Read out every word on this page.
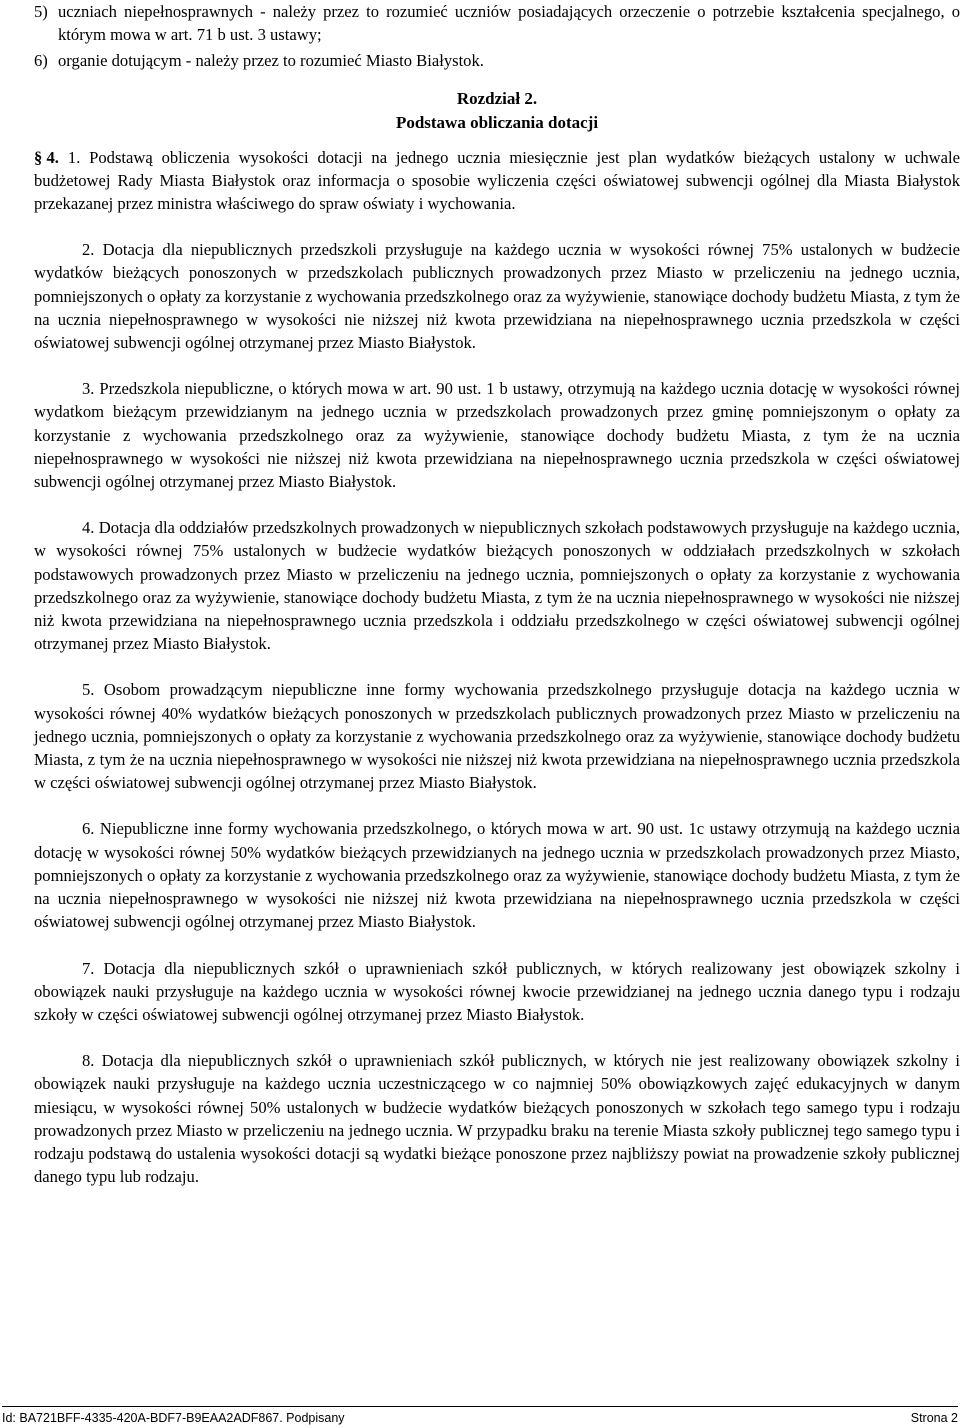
5) uczniach niepełnosprawnych - należy przez to rozumieć uczniów posiadających orzeczenie o potrzebie kształcenia specjalnego, o którym mowa w art. 71 b ust. 3 ustawy;

6) organie dotującym - należy przez to rozumieć Miasto Białystok.

Rozdział 2.

Podstawa obliczania dotacji

§ 4. 1. Podstawą obliczenia wysokości dotacji na jednego ucznia miesięcznie jest plan wydatków bieżących ustalony w uchwale budżetowej Rady Miasta Białystok oraz informacja o sposobie wyliczenia części oświatowej subwencji ogólnej dla Miasta Białystok przekazanej przez ministra właściwego do spraw oświaty i wychowania.

2. Dotacja dla niepublicznych przedszkoli przysługuje na każdego ucznia w wysokości równej 75% ustalonych w budżecie wydatków bieżących ponoszonych w przedszkolach publicznych prowadzonych przez Miasto w przeliczeniu na jednego ucznia, pomniejszonych o opłaty za korzystanie z wychowania przedszkolnego oraz za wyżywienie, stanowiące dochody budżetu Miasta, z tym że na ucznia niepełnosprawnego w wysokości nie niższej niż kwota przewidziana na niepełnosprawnego ucznia przedszkola w części oświatowej subwencji ogólnej otrzymanej przez Miasto Białystok.

3. Przedszkola niepubliczne, o których mowa w art. 90 ust. 1 b ustawy, otrzymują na każdego ucznia dotację w wysokości równej wydatkom bieżącym przewidzianym na jednego ucznia w przedszkolach prowadzonych przez gminę pomniejszonym o opłaty za korzystanie z wychowania przedszkolnego oraz za wyżywienie, stanowiące dochody budżetu Miasta, z tym że na ucznia niepełnosprawnego w wysokości nie niższej niż kwota przewidziana na niepełnosprawnego ucznia przedszkola w części oświatowej subwencji ogólnej otrzymanej przez Miasto Białystok.

4. Dotacja dla oddziałów przedszkolnych prowadzonych w niepublicznych szkołach podstawowych przysługuje na każdego ucznia, w wysokości równej 75% ustalonych w budżecie wydatków bieżących ponoszonych w oddziałach przedszkolnych w szkołach podstawowych prowadzonych przez Miasto w przeliczeniu na jednego ucznia, pomniejszonych o opłaty za korzystanie z wychowania przedszkolnego oraz za wyżywienie, stanowiące dochody budżetu Miasta, z tym że na ucznia niepełnosprawnego w wysokości nie niższej niż kwota przewidziana na niepełnosprawnego ucznia przedszkola i oddziału przedszkolnego w części oświatowej subwencji ogólnej otrzymanej przez Miasto Białystok.

5. Osobom prowadzącym niepubliczne inne formy wychowania przedszkolnego przysługuje dotacja na każdego ucznia w wysokości równej 40% wydatków bieżących ponoszonych w przedszkolach publicznych prowadzonych przez Miasto w przeliczeniu na jednego ucznia, pomniejszonych o opłaty za korzystanie z wychowania przedszkolnego oraz za wyżywienie, stanowiące dochody budżetu Miasta, z tym że na ucznia niepełnosprawnego w wysokości nie niższej niż kwota przewidziana na niepełnosprawnego ucznia przedszkola w części oświatowej subwencji ogólnej otrzymanej przez Miasto Białystok.

6. Niepubliczne inne formy wychowania przedszkolnego, o których mowa w art. 90 ust. 1c ustawy otrzymują na każdego ucznia dotację w wysokości równej 50% wydatków bieżących przewidzianych na jednego ucznia w przedszkolach prowadzonych przez Miasto, pomniejszonych o opłaty za korzystanie z wychowania przedszkolnego oraz za wyżywienie, stanowiące dochody budżetu Miasta, z tym że na ucznia niepełnosprawnego w wysokości nie niższej niż kwota przewidziana na niepełnosprawnego ucznia przedszkola w części oświatowej subwencji ogólnej otrzymanej przez Miasto Białystok.

7. Dotacja dla niepublicznych szkół o uprawnieniach szkół publicznych, w których realizowany jest obowiązek szkolny i obowiązek nauki przysługuje na każdego ucznia w wysokości równej kwocie przewidzianej na jednego ucznia danego typu i rodzaju szkoły w części oświatowej subwencji ogólnej otrzymanej przez Miasto Białystok.

8. Dotacja dla niepublicznych szkół o uprawnieniach szkół publicznych, w których nie jest realizowany obowiązek szkolny i obowiązek nauki przysługuje na każdego ucznia uczestniczącego w co najmniej 50% obowiązkowych zajęć edukacyjnych w danym miesiącu, w wysokości równej 50% ustalonych w budżecie wydatków bieżących ponoszonych w szkołach tego samego typu i rodzaju prowadzonych przez Miasto w przeliczeniu na jednego ucznia. W przypadku braku na terenie Miasta szkoły publicznej tego samego typu i rodzaju podstawą do ustalenia wysokości dotacji są wydatki bieżące ponoszone przez najbliższy powiat na prowadzenie szkoły publicznej danego typu lub rodzaju.

Id: BA721BFF-4335-420A-BDF7-B9EAA2ADF867. Podpisany	Strona 2
